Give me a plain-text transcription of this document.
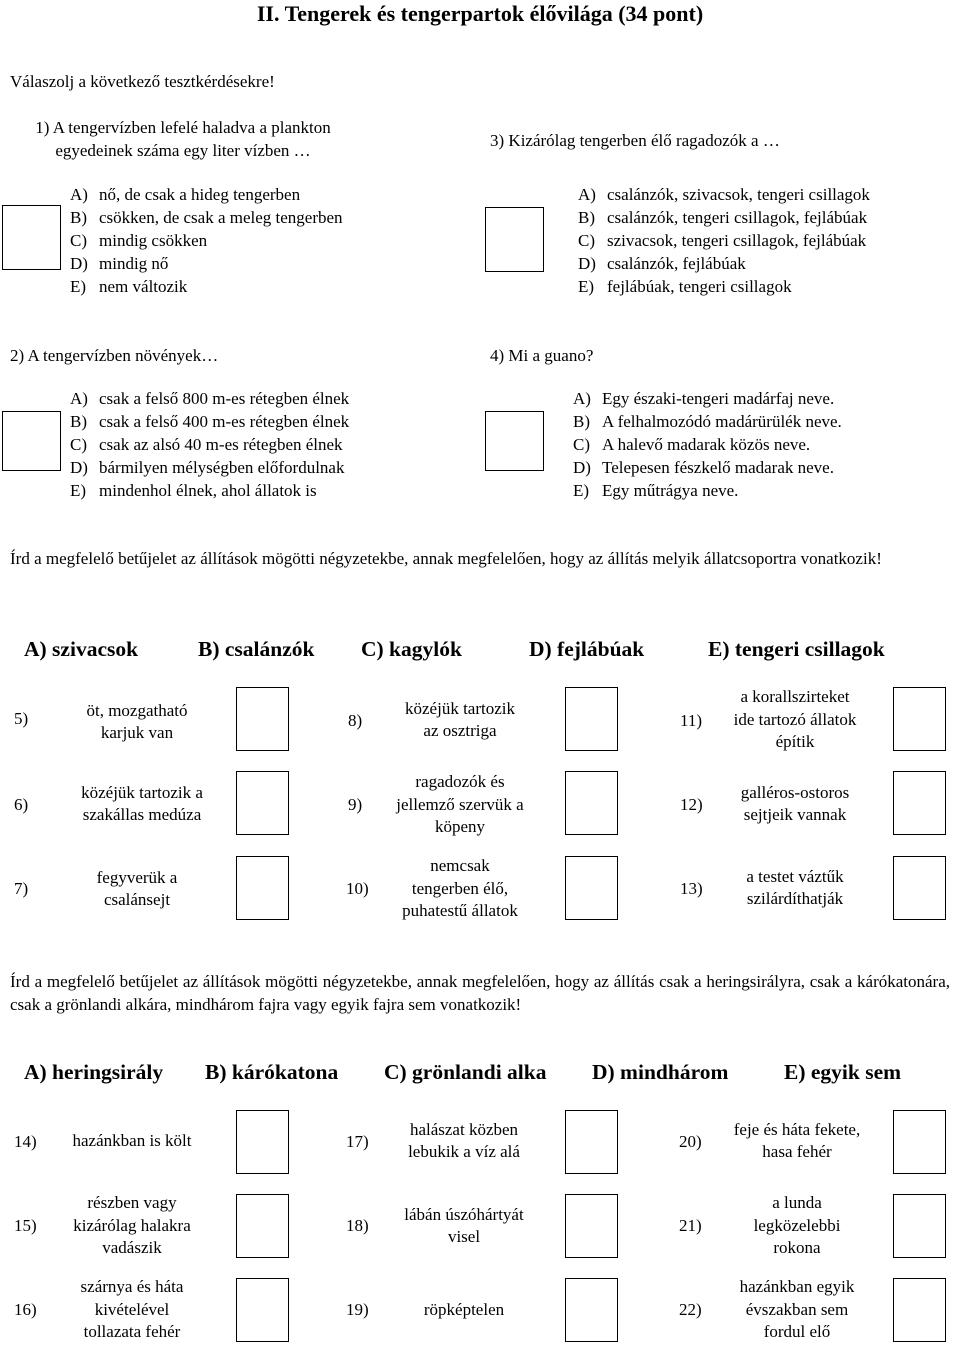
II. Tengerek és tengerpartok élővilága (34 pont)
Válaszolj a következő tesztkérdésekre!
1) A tengervízben lefelé haladva a plankton
egyedeinek száma egy liter vízben …
A) nő, de csak a hideg tengerben
B) csökken, de csak a meleg tengerben
C) mindig csökken
D) mindig nő
E) nem változik
3) Kizárólag tengerben élő ragadozók a …
A) csalánzók, szivacsok, tengeri csillagok
B) csalánzók, tengeri csillagok, fejlábúak
C) szivacsok, tengeri csillagok, fejlábúak
D) csalánzók, fejlábúak
E) fejlábúak, tengeri csillagok
2) A tengervízben növények…
A) csak a felső 800 m-es rétegben élnek
B) csak a felső 400 m-es rétegben élnek
C) csak az alsó 40 m-es rétegben élnek
D) bármilyen mélységben előfordulnak
E) mindenhol élnek, ahol állatok is
4) Mi a guano?
A) Egy északi-tengeri madárfaj neve.
B) A felhalmozódó madárürülék neve.
C) A halevő madarak közös neve.
D) Telepesen fészkelő madarak neve.
E) Egy műtrágya neve.
Írd a megfelelő betűjelet az állítások mögötti négyzetekbe, annak megfelelően, hogy az állítás melyik állatcsoportra vonatkozik!
A) szivacsok	B) csalánzók C) kagylók	D) fejlábúak	E) tengeri csillagok
5)	öt, mozgatható
karjuk van
8)
közéjük tartozik
az osztriga
11)
a korallszirteket
ide tartozó állatok
építik
6)
közéjük tartozik a
szakállas medúza
9)
ragadozók és
jellemző szervük a
köpeny
12)
galléros-ostoros
sejtjeik vannak
7)
fegyverük a
csalánsejt
10)
nemcsak
tengerben élő,
puhatestű állatok
13)
a testet váztűk
szilárdíthatják
Írd a megfelelő betűjelet az állítások mögötti négyzetekbe, annak megfelelően, hogy az állítás csak a heringsirályra, csak a kárókatonára, csak a grönlandi alkára, mindhárom fajra vagy egyik fajra sem vonatkozik!
A) heringsirály B) kárókatona C) grönlandi alka D) mindhárom	E) egyik sem
14) hazánkban is költ	17)
halászat közben
lebukik a víz alá
20)
feje és háta fekete,
hasa fehér
15)
részben vagy
kizárólag halakra
vadászik
18)
lábán úszóhártyát
visel
21)
a lunda
legközelebbi
rokona
16)
szárnya és háta
kivételével
tollazata fehér
19)	röpképtelen	22)
hazánkban egyik
évszakban sem
fordul elő
